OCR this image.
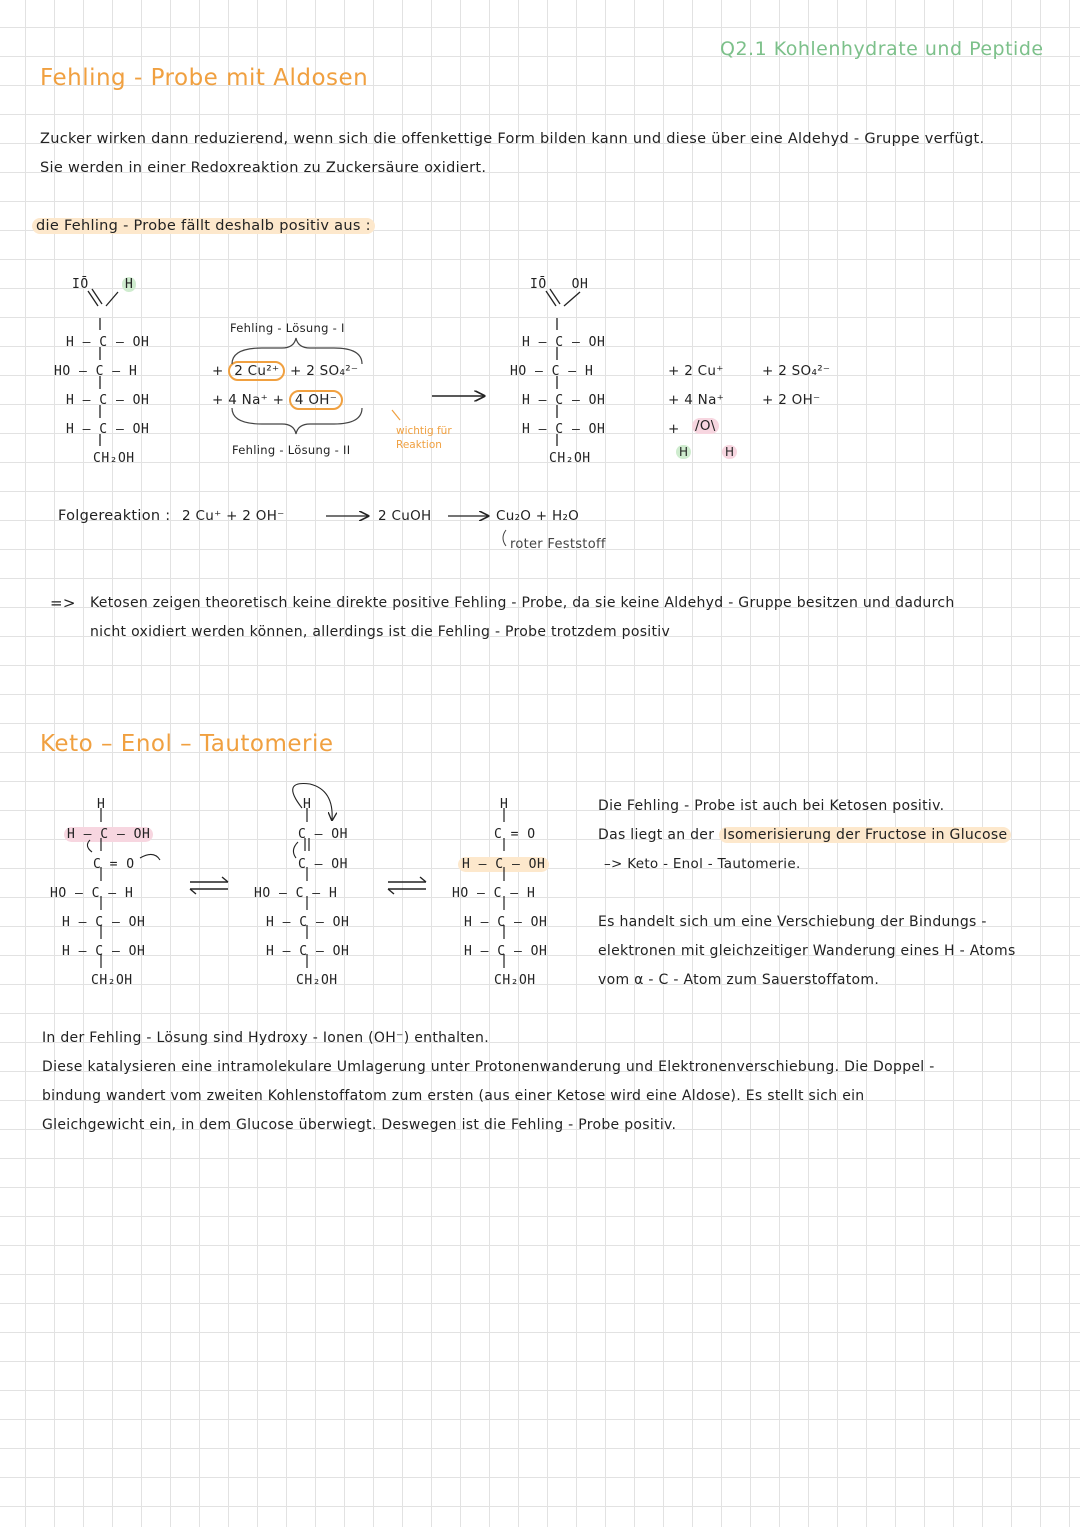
Q2.1 Kohlenhydrate und Peptide
Fehling - Probe mit Aldosen
Zucker wirken dann reduzierend, wenn sich die offenkettige Form bilden kann und diese über eine Aldehyd - Gruppe verfügt.
Sie werden in einer Redoxreaktion zu Zuckersäure oxidiert.
die Fehling - Probe fällt deshalb positiv aus :
IŌ	H
H – C – OH
HO – C – H
H – C – OH
H – C – OH
CH₂OH
Fehling - Lösung - I
+ 2 Cu²⁺ + 2 SO₄²⁻
+ 4 Na⁺ + 4 OH⁻
Fehling - Lösung - II
wichtig für
Reaktion
IŌ OH
H – C – OH
HO – C – H
H – C – OH
H – C – OH
CH₂OH
+ 2 Cu⁺	+ 2 SO₄²⁻
+ 4 Na⁺	+ 2 OH⁻
+ /O\
H	H
Folgereaktion : 2 Cu⁺ + 2 OH⁻	2 CuOH	Cu₂O + H₂O
roter Feststoff
=> Ketosen zeigen theoretisch keine direkte positive Fehling - Probe, da sie keine Aldehyd - Gruppe besitzen und dadurch
nicht oxidiert werden können, allerdings ist die Fehling - Probe trotzdem positiv
Keto – Enol – Tautomerie
H
H – C – OH
C = O
HO – C – H
H – C – OH
H – C – OH
CH₂OH
H
C – OH
C – OH
HO – C – H
H – C – OH
H – C – OH
CH₂OH
H
C = O
H – C – OH
HO – C – H
H – C – OH
H – C – OH
CH₂OH
Die Fehling - Probe ist auch bei Ketosen positiv.
Das liegt an der Isomerisierung der Fructose in Glucose
–> Keto - Enol - Tautomerie.
Es handelt sich um eine Verschiebung der Bindungs -
elektronen mit gleichzeitiger Wanderung eines H - Atoms
vom α - C - Atom zum Sauerstoffatom.
In der Fehling - Lösung sind Hydroxy - Ionen (OH⁻) enthalten.
Diese katalysieren eine intramolekulare Umlagerung unter Protonenwanderung und Elektronenverschiebung. Die Doppel -
bindung wandert vom zweiten Kohlenstoffatom zum ersten (aus einer Ketose wird eine Aldose). Es stellt sich ein
Gleichgewicht ein, in dem Glucose überwiegt. Deswegen ist die Fehling - Probe positiv.
